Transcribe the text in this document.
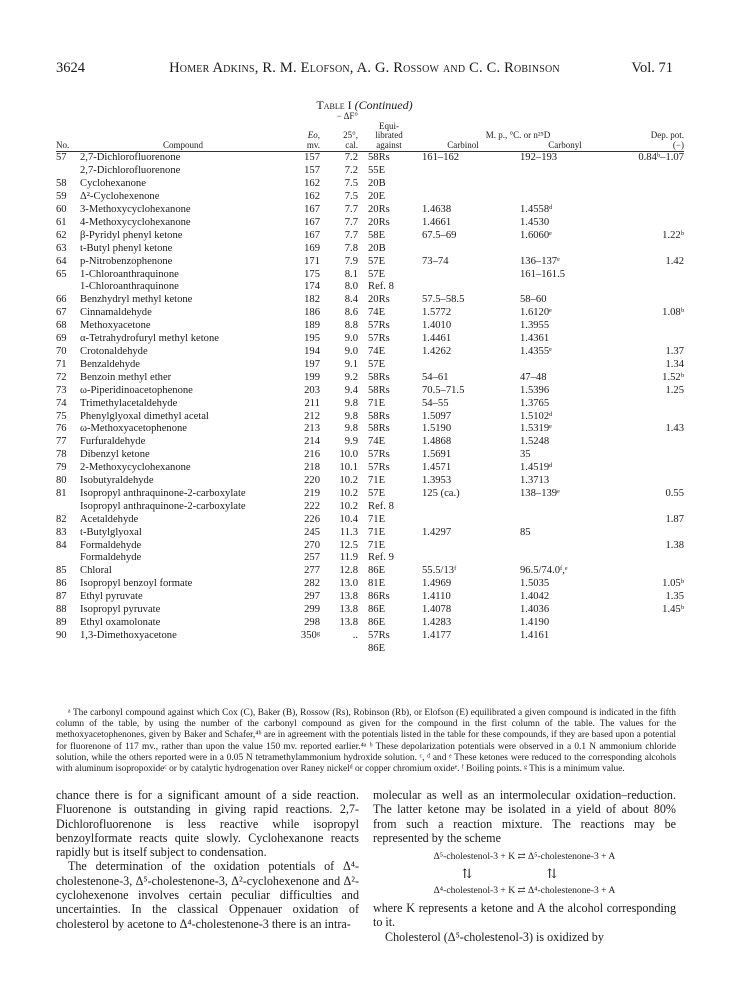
3624	Homer Adkins, R. M. Elofson, A. G. Rossow and C. C. Robinson	Vol. 71
Table I (Continued)
			− ΔF°				
		Eo,	25°,	Equi-
librated	M. p., °C. or n²⁵D		Dep. pot.
No.	Compound	mv.	cal.	against	Carbinol	Carbonyl	(−)
57	2,7-Dichlorofluorenone	157	7.2	58Rs	161–162	192–193	0.84ᵇ–1.07
	2,7-Dichlorofluorenone	157	7.2	55E			
58	Cyclohexanone	162	7.5	20B			
59	Δ²-Cyclohexenone	162	7.5	20E			
60	3-Methoxycyclohexanone	167	7.7	20Rs	1.4638	1.4558ᵈ	
61	4-Methoxycyclohexanone	167	7.7	20Rs	1.4661	1.4530	
62	β-Pyridyl phenyl ketone	167	7.7	58E	67.5–69	1.6060ᵉ	1.22ᵇ
63	t-Butyl phenyl ketone	169	7.8	20B			
64	p-Nitrobenzophenone	171	7.9	57E	73–74	136–137ᵉ	1.42
65	1-Chloroanthraquinone	175	8.1	57E		161–161.5	
	1-Chloroanthraquinone	174	8.0	Ref. 8			
66	Benzhydryl methyl ketone	182	8.4	20Rs	57.5–58.5	58–60	
67	Cinnamaldehyde	186	8.6	74E	1.5772	1.6120ᵉ	1.08ᵇ
68	Methoxyacetone	189	8.8	57Rs	1.4010	1.3955	
69	α-Tetrahydrofuryl methyl ketone	195	9.0	57Rs	1.4461	1.4361	
70	Crotonaldehyde	194	9.0	74E	1.4262	1.4355ᵉ	1.37
71	Benzaldehyde	197	9.1	57E			1.34
72	Benzoin methyl ether	199	9.2	58Rs	54–61	47–48	1.52ᵇ
73	ω-Piperidinoacetophenone	203	9.4	58Rs	70.5–71.5	1.5396	1.25
74	Trimethylacetaldehyde	211	9.8	71E	54–55	1.3765	
75	Phenylglyoxal dimethyl acetal	212	9.8	58Rs	1.5097	1.5102ᵈ	
76	ω-Methoxyacetophenone	213	9.8	58Rs	1.5190	1.5319ᵉ	1.43
77	Furfuraldehyde	214	9.9	74E	1.4868	1.5248	
78	Dibenzyl ketone	216	10.0	57Rs	1.5691	35	
79	2-Methoxycyclohexanone	218	10.1	57Rs	1.4571	1.4519ᵈ	
80	Isobutyraldehyde	220	10.2	71E	1.3953	1.3713	
81	Isopropyl anthraquinone-2-carboxylate	219	10.2	57E	125 (ca.)	138–139ᵉ	0.55
	Isopropyl anthraquinone-2-carboxylate	222	10.2	Ref. 8			
82	Acetaldehyde	226	10.4	71E			1.87
83	t-Butylglyoxal	245	11.3	71E	1.4297	85	
84	Formaldehyde	270	12.5	71E			1.38
	Formaldehyde	257	11.9	Ref. 9			
85	Chloral	277	12.8	86E	55.5/13ᶠ	96.5/74.0ᶠ,ᵉ	
86	Isopropyl benzoyl formate	282	13.0	81E	1.4969	1.5035	1.05ᵇ
87	Ethyl pyruvate	297	13.8	86Rs	1.4110	1.4042	1.35
88	Isopropyl pyruvate	299	13.8	86E	1.4078	1.4036	1.45ᵇ
89	Ethyl oxamolonate	298	13.8	86E	1.4283	1.4190	
90	1,3-Dimethoxyacetone	350ᵍ	..	57Rs	1.4177	1.4161	
				86E			

ᵃ The carbonyl compound against which Cox (C), Baker (B), Rossow (Rs), Robinson (Rb), or Elofson (E) equilibrated a given compound is indicated in the fifth column of the table, by using the number of the carbonyl compound as given for the compound in the first column of the table. The values for the methoxyacetophenones, given by Baker and Schafer,⁴ᵇ are in agreement with the potentials listed in the table for these compounds, if they are based upon a potential for fluorenone of 117 mv., rather than upon the value 150 mv. reported earlier.⁴ᵃ ᵇ These depolarization potentials were observed in a 0.1 N ammonium chloride solution, while the others reported were in a 0.05 N tetramethylammonium hydroxide solution. ᶜ, ᵈ and ᵉ These ketones were reduced to the corresponding alcohols with aluminum isopropoxideᶜ or by catalytic hydrogenation over Raney nickelᵈ or copper chromium oxideᵉ. ᶠ Boiling points. ᵍ This is a minimum value.

chance there is for a significant amount of a side reaction. Fluorenone is outstanding in giving rapid reactions. 2,7-Dichlorofluorenone is less reactive while isopropyl benzoylformate reacts quite slowly. Cyclohexanone reacts rapidly but is itself subject to condensation.

The determination of the oxidation potentials of Δ⁴-cholestenone-3, Δ⁵-cholestenone-3, Δ²-cyclohexenone and Δ²-cyclohexenone involves certain peculiar difficulties and uncertainties. In the classical Oppenauer oxidation of cholesterol by acetone to Δ⁴-cholestenone-3 there is an intra-

molecular as well as an intermolecular oxidation–reduction. The latter ketone may be isolated in a yield of about 80% from such a reaction mixture. The reactions may be represented by the scheme

Δ⁵-cholestenol-3 + K ⇄ Δ⁵-cholestenone-3 + A
⇅⇅
Δ⁴-cholestenol-3 + K ⇄ Δ⁴-cholestenone-3 + A

where K represents a ketone and A the alcohol corresponding to it.

Cholesterol (Δ⁵-cholestenol-3) is oxidized by
